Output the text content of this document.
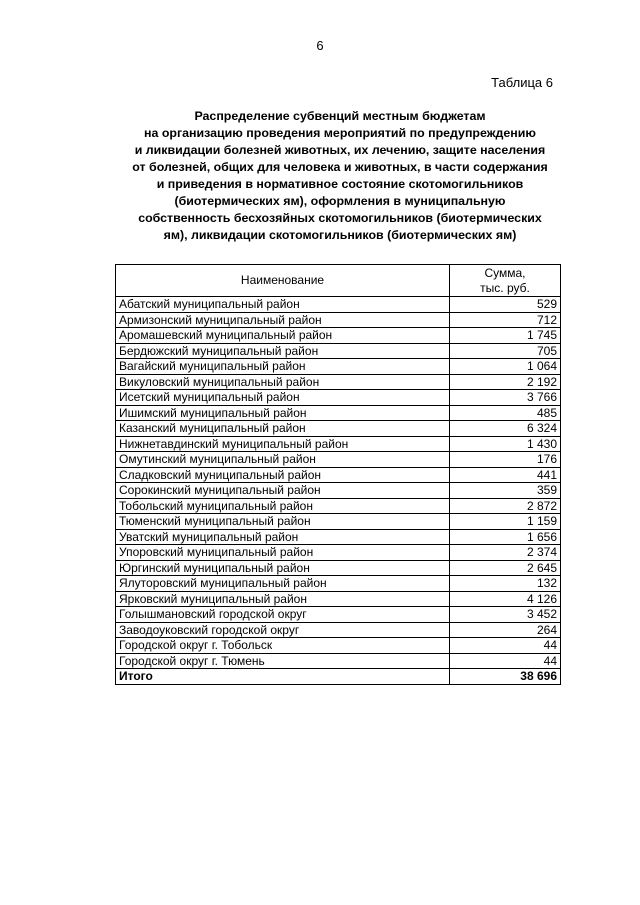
6
Таблица 6
Распределение субвенций местным бюджетам
на организацию проведения мероприятий по предупреждению
и ликвидации болезней животных, их лечению, защите населения
от болезней, общих для человека и животных, в части содержания
и приведения в нормативное состояние скотомогильников
(биотермических ям), оформления в муниципальную
собственность бесхозяйных скотомогильников (биотермических
ям), ликвидации скотомогильников (биотермических ям)
Наименование	Сумма,
тыс. руб.

Абатский муниципальный район	529
Армизонский муниципальный район	712
Аромашевский муниципальный район	1 745
Бердюжский муниципальный район	705
Вагайский муниципальный район	1 064
Викуловский муниципальный район	2 192
Исетский муниципальный район	3 766
Ишимский муниципальный район	485
Казанский муниципальный район	6 324
Нижнетавдинский муниципальный район	1 430
Омутинский муниципальный район	176
Сладковский муниципальный район	441
Сорокинский муниципальный район	359
Тобольский муниципальный район	2 872
Тюменский муниципальный район	1 159
Уватский муниципальный район	1 656
Упоровский муниципальный район	2 374
Юргинский муниципальный район	2 645
Ялуторовский муниципальный район	132
Ярковский муниципальный район	4 126
Голышмановский городской округ	3 452
Заводоуковский городской округ	264
Городской округ г. Тобольск	44
Городской округ г. Тюмень	44
Итого	38 696
